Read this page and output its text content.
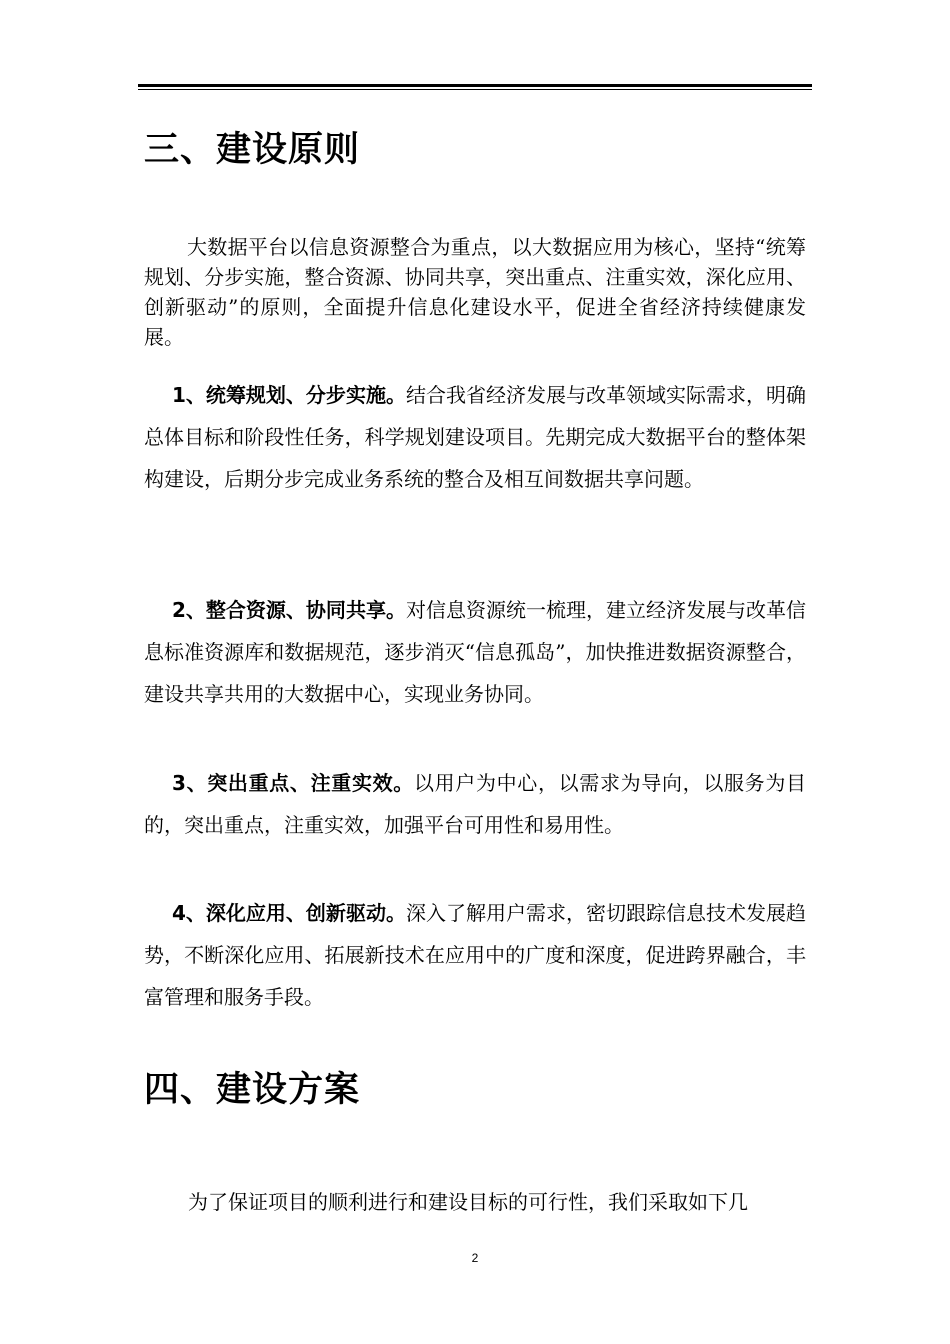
三、建设原则

大数据平台以信息资源整合为重点，以大数据应用为核心，坚持“统筹规划、分步实施，整合资源、协同共享，突出重点、注重实效，深化应用、创新驱动”的原则，全面提升信息化建设水平，促进全省经济持续健康发展。

1、统筹规划、分步实施。结合我省经济发展与改革领域实际需求，明确总体目标和阶段性任务，科学规划建设项目。先期完成大数据平台的整体架构建设，后期分步完成业务系统的整合及相互间数据共享问题。

2、整合资源、协同共享。对信息资源统一梳理，建立经济发展与改革信息标准资源库和数据规范，逐步消灭“信息孤岛”，加快推进数据资源整合，建设共享共用的大数据中心，实现业务协同。

3、突出重点、注重实效。以用户为中心，以需求为导向，以服务为目的，突出重点，注重实效，加强平台可用性和易用性。

4、深化应用、创新驱动。深入了解用户需求，密切跟踪信息技术发展趋势，不断深化应用、拓展新技术在应用中的广度和深度，促进跨界融合，丰富管理和服务手段。

四、建设方案

为了保证项目的顺利进行和建设目标的可行性，我们采取如下几

2
